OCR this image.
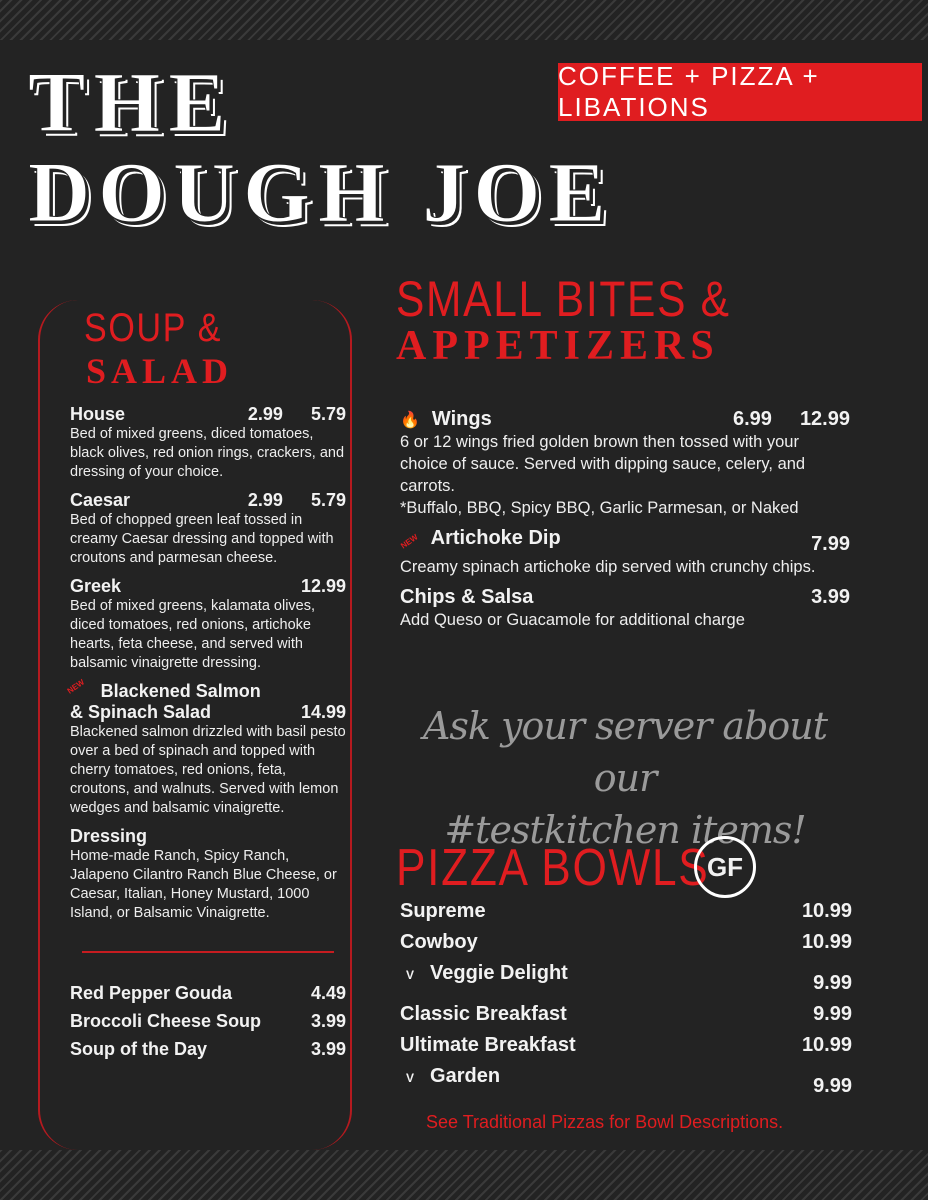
THE
DOUGH JOE
COFFEE + PIZZA + LIBATIONS
SOUP &
SALAD
House	2.99 5.79
Bed of mixed greens, diced tomatoes, black olives, red onion rings, crackers, and dressing of your choice.
Caesar	2.99 5.79
Bed of chopped green leaf tossed in creamy Caesar dressing and topped with croutons and parmesan cheese.
Greek	12.99
Bed of mixed greens, kalamata olives, diced tomatoes, red onions, artichoke hearts, feta cheese, and served with balsamic vinaigrette dressing.
NEW Blackened Salmon
& Spinach Salad	14.99
Blackened salmon drizzled with basil pesto over a bed of spinach and topped with cherry tomatoes, red onions, feta, croutons, and walnuts. Served with lemon wedges and balsamic vinaigrette.
Dressing
Home-made Ranch, Spicy Ranch, Jalapeno Cilantro Ranch Blue Cheese, or Caesar, Italian, Honey Mustard, 1000 Island, or Balsamic Vinaigrette.
Red Pepper Gouda	4.49
Broccoli Cheese Soup	3.99
Soup of the Day	3.99
SMALL BITES &
APPETIZERS
🔥 Wings	6.99 12.99
6 or 12 wings fried golden brown then tossed with your choice of sauce. Served with dipping sauce, celery, and carrots.
*Buffalo, BBQ, Spicy BBQ, Garlic Parmesan, or Naked
NEW Artichoke Dip	7.99
Creamy spinach artichoke dip served with crunchy chips.
Chips & Salsa	3.99
Add Queso or Guacamole for additional charge
Ask your server about our
#testkitchen items!
PIZZA BOWLS
GF
Supreme	10.99
Cowboy	10.99
V Veggie Delight	9.99
Classic Breakfast	9.99
Ultimate Breakfast	10.99
V Garden	9.99
See Traditional Pizzas for Bowl Descriptions.
